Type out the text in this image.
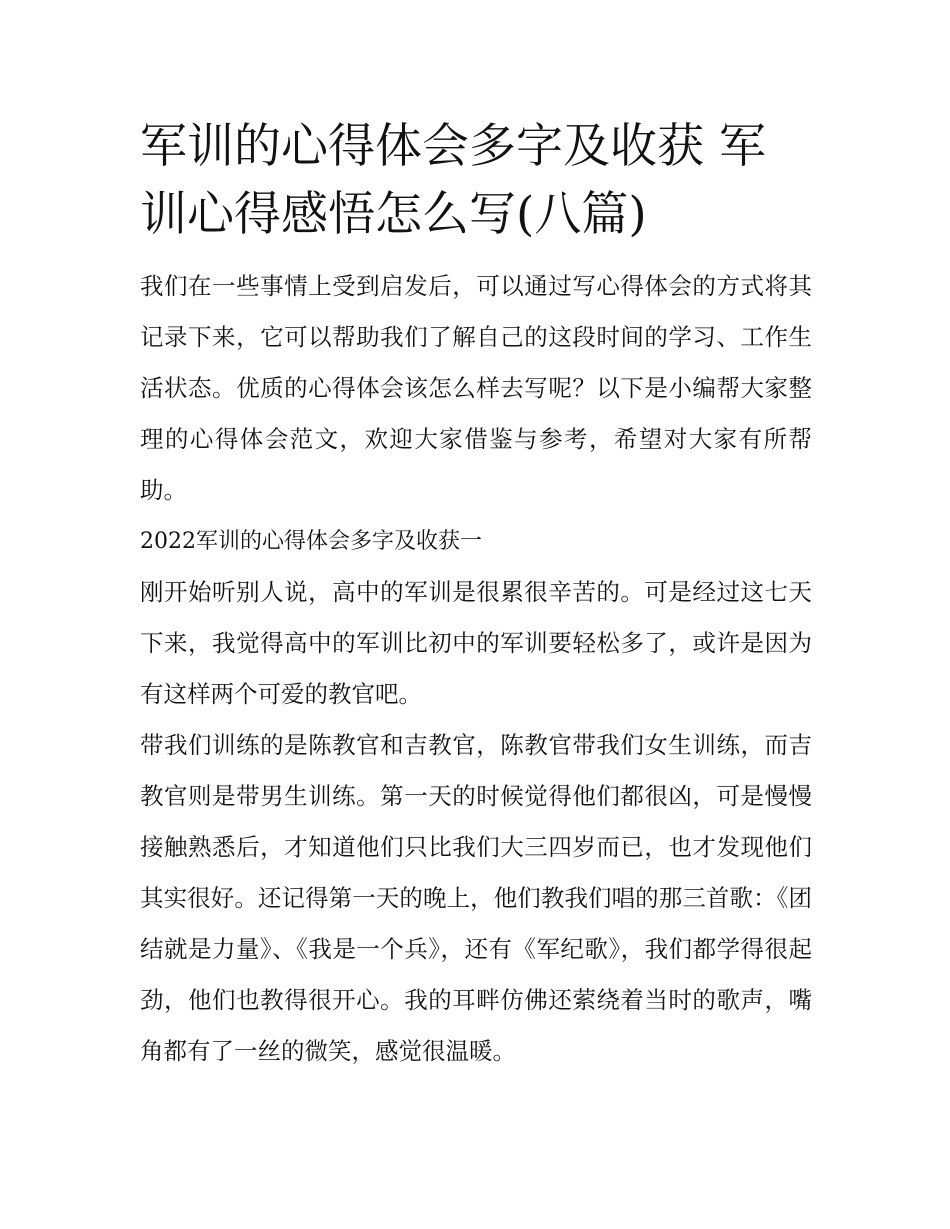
军训的心得体会多字及收获 军训心得感悟怎么写(八篇)

我们在一些事情上受到启发后，可以通过写心得体会的方式将其记录下来，它可以帮助我们了解自己的这段时间的学习、工作生活状态。优质的心得体会该怎么样去写呢？以下是小编帮大家整理的心得体会范文，欢迎大家借鉴与参考，希望对大家有所帮助。

2022军训的心得体会多字及收获一

刚开始听别人说，高中的军训是很累很辛苦的。可是经过这七天下来，我觉得高中的军训比初中的军训要轻松多了，或许是因为有这样两个可爱的教官吧。

带我们训练的是陈教官和吉教官，陈教官带我们女生训练，而吉教官则是带男生训练。第一天的时候觉得他们都很凶，可是慢慢接触熟悉后，才知道他们只比我们大三四岁而已，也才发现他们其实很好。还记得第一天的晚上，他们教我们唱的那三首歌：《团结就是力量》、《我是一个兵》，还有《军纪歌》，我们都学得很起劲，他们也教得很开心。我的耳畔仿佛还萦绕着当时的歌声，嘴角都有了一丝的微笑，感觉很温暖。
